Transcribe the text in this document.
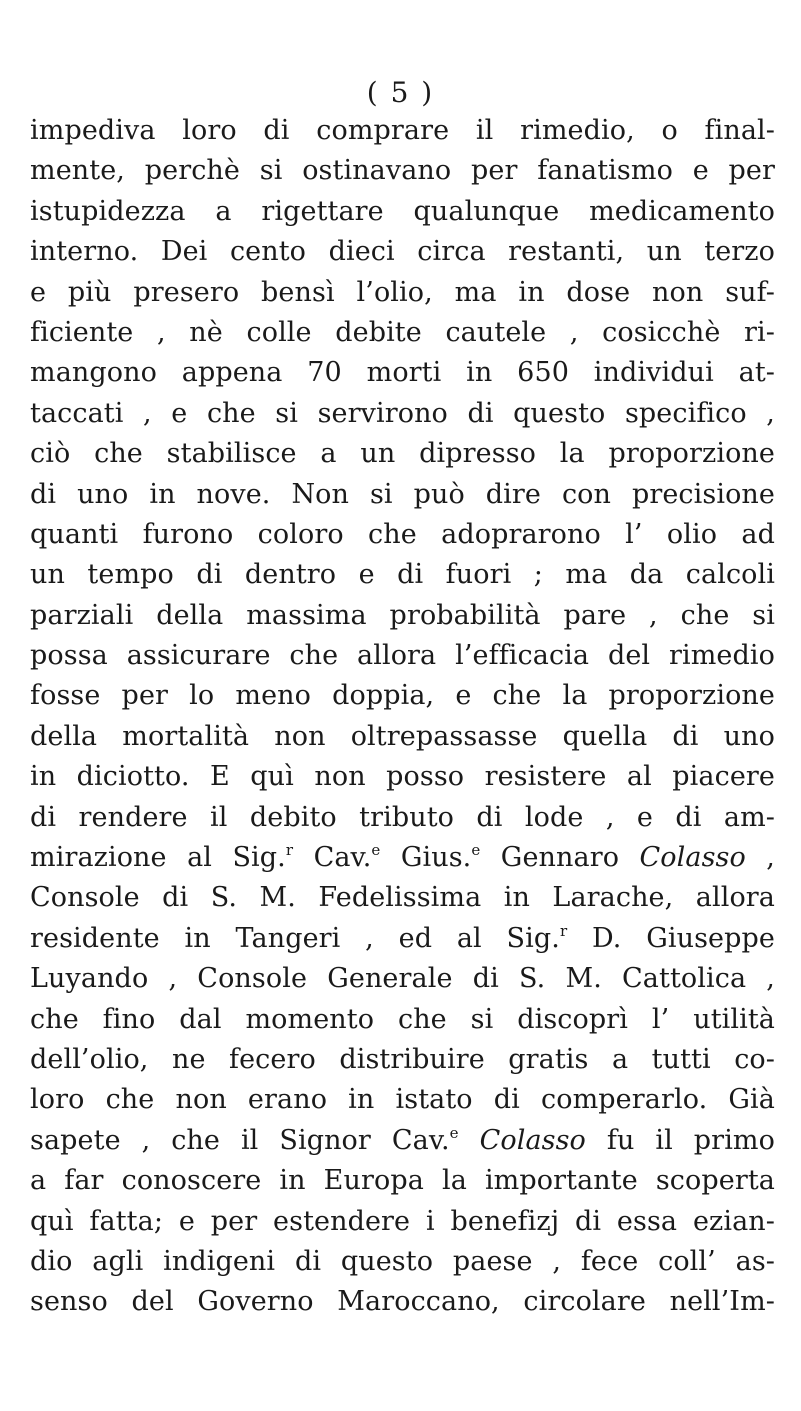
( 5 )
impediva loro di comprare il rimedio, o final-
mente, perchè si ostinavano per fanatismo e per
istupidezza a rigettare qualunque medicamento
interno. Dei cento dieci circa restanti, un terzo
e più presero bensì l’olio, ma in dose non suf-
ficiente , nè colle debite cautele , cosicchè ri-
mangono appena 70 morti in 650 individui at-
taccati , e che si servirono di questo specifico ,
ciò che stabilisce a un dipresso la proporzione
di uno in nove. Non si può dire con precisione
quanti furono coloro che adoprarono l’ olio ad
un tempo di dentro e di fuori ; ma da calcoli
parziali della massima probabilità pare , che si
possa assicurare che allora l’efficacia del rimedio
fosse per lo meno doppia, e che la proporzione
della mortalità non oltrepassasse quella di uno
in diciotto. E quì non posso resistere al piacere
di rendere il debito tributo di lode , e di am-
mirazione al Sig.$^r$ Cav.$^e$ Gius.$^e$ Gennaro Colasso ,
Console di S. M. Fedelissima in Larache, allora
residente in Tangeri , ed al Sig.$^r$ D. Giuseppe
Luyando , Console Generale di S. M. Cattolica ,
che fino dal momento che si discoprì l’ utilità
dell’olio, ne fecero distribuire gratis a tutti co-
loro che non erano in istato di comperarlo. Già
sapete , che il Signor Cav.$^e$ Colasso fu il primo
a far conoscere in Europa la importante scoperta
quì fatta; e per estendere i benefizj di essa ezian-
dio agli indigeni di questo paese , fece coll’ as-
senso del Governo Maroccano, circolare nell’Im-
